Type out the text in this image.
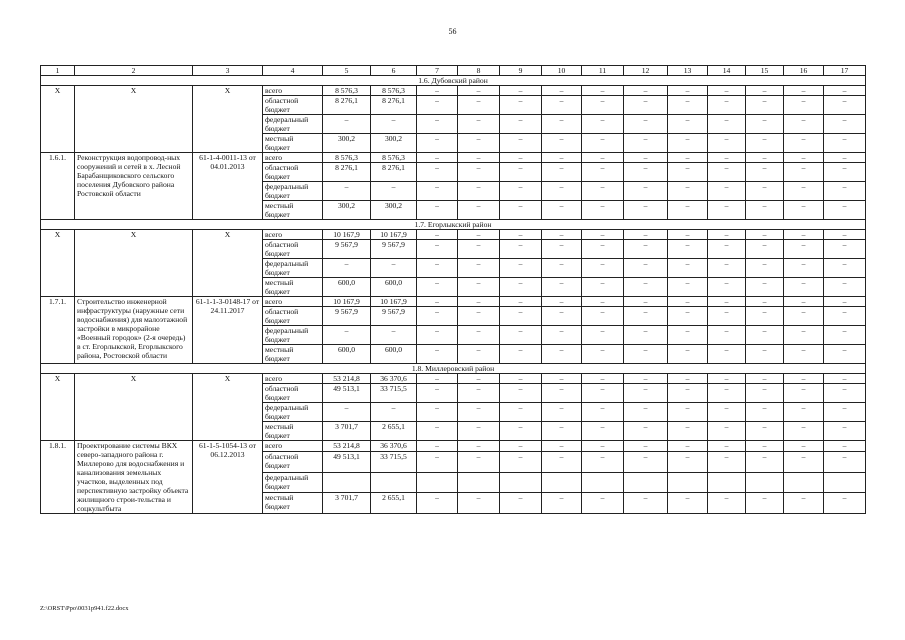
56
1	2	3	4	5	6	7	8	9	10	11	12	13	14	15	16	17
1.6. Дубовский район																
X	X	X	всего	8 576,3	8 576,3	–	–	–	–	–	–	–	–	–	–	–
			областной бюджет	8 276,1	8 276,1	–	–	–	–	–	–	–	–	–	–	–
			федеральный бюджет	–	–	–	–	–	–	–	–	–	–	–	–	–
			местный бюджет	300,2	300,2	–	–	–	–	–	–	–	–	–	–	–
1.6.1.	Реконструкция водопровод-ных сооружений и сетей в х. Лесной Барабанщиковского сельского поселения Дубовского района Ростовской области	61-1-4-0011-13 от 04.01.2013	всего	8 576,3	8 576,3	–	–	–	–	–	–	–	–	–	–	–
			областной бюджет	8 276,1	8 276,1	–	–	–	–	–	–	–	–	–	–	–
			федеральный бюджет	–	–	–	–	–	–	–	–	–	–	–	–	–
			местный бюджет	300,2	300,2	–	–	–	–	–	–	–	–	–	–	–
1.7. Егорлыкский район																
X	X	X	всего	10 167,9	10 167,9	–	–	–	–	–	–	–	–	–	–	–
			областной бюджет	9 567,9	9 567,9	–	–	–	–	–	–	–	–	–	–	–
			федеральный бюджет	–	–	–	–	–	–	–	–	–	–	–	–	–
			местный бюджет	600,0	600,0	–	–	–	–	–	–	–	–	–	–	–
1.7.1.	Строительство инженерной инфраструктуры (наружные сети водоснабжения) для малоэтажной застройки в микрорайоне «Военный городок» (2-я очередь) в ст. Егорлыкской, Егорлыкского района, Ростовской области	61-1-1-3-0148-17 от 24.11.2017	всего	10 167,9	10 167,9	–	–	–	–	–	–	–	–	–	–	–
			областной бюджет	9 567,9	9 567,9	–	–	–	–	–	–	–	–	–	–	–
			федеральный бюджет	–	–	–	–	–	–	–	–	–	–	–	–	–
			местный бюджет	600,0	600,0	–	–	–	–	–	–	–	–	–	–	–
1.8. Миллеровский район																
X	X	X	всего	53 214,8	36 370,6	–	–	–	–	–	–	–	–	–	–	–
			областной бюджет	49 513,1	33 715,5	–	–	–	–	–	–	–	–	–	–	–
			федеральный бюджет	–	–	–	–	–	–	–	–	–	–	–	–	–
			местный бюджет	3 701,7	2 655,1	–	–	–	–	–	–	–	–	–	–	–
1.8.1.	Проектирование системы ВКХ северо-западного района г. Миллерово для водоснабжения и канализования земельных участков, выделенных под перспективную застройку объекта жилищного строи-тельства и соцкультбыта	61-1-5-1054-13 от 06.12.2013	всего	53 214,8	36 370,6	–	–	–	–	–	–	–	–	–	–	–
			областной бюджет	49 513,1	33 715,5	–	–	–	–	–	–	–	–	–	–	–
			федеральный бюджет													
			местный бюджет	3 701,7	2 655,1	–	–	–	–	–	–	–	–	–	–	–
Z:\ORST\Ppo\0031p941.f22.docx
